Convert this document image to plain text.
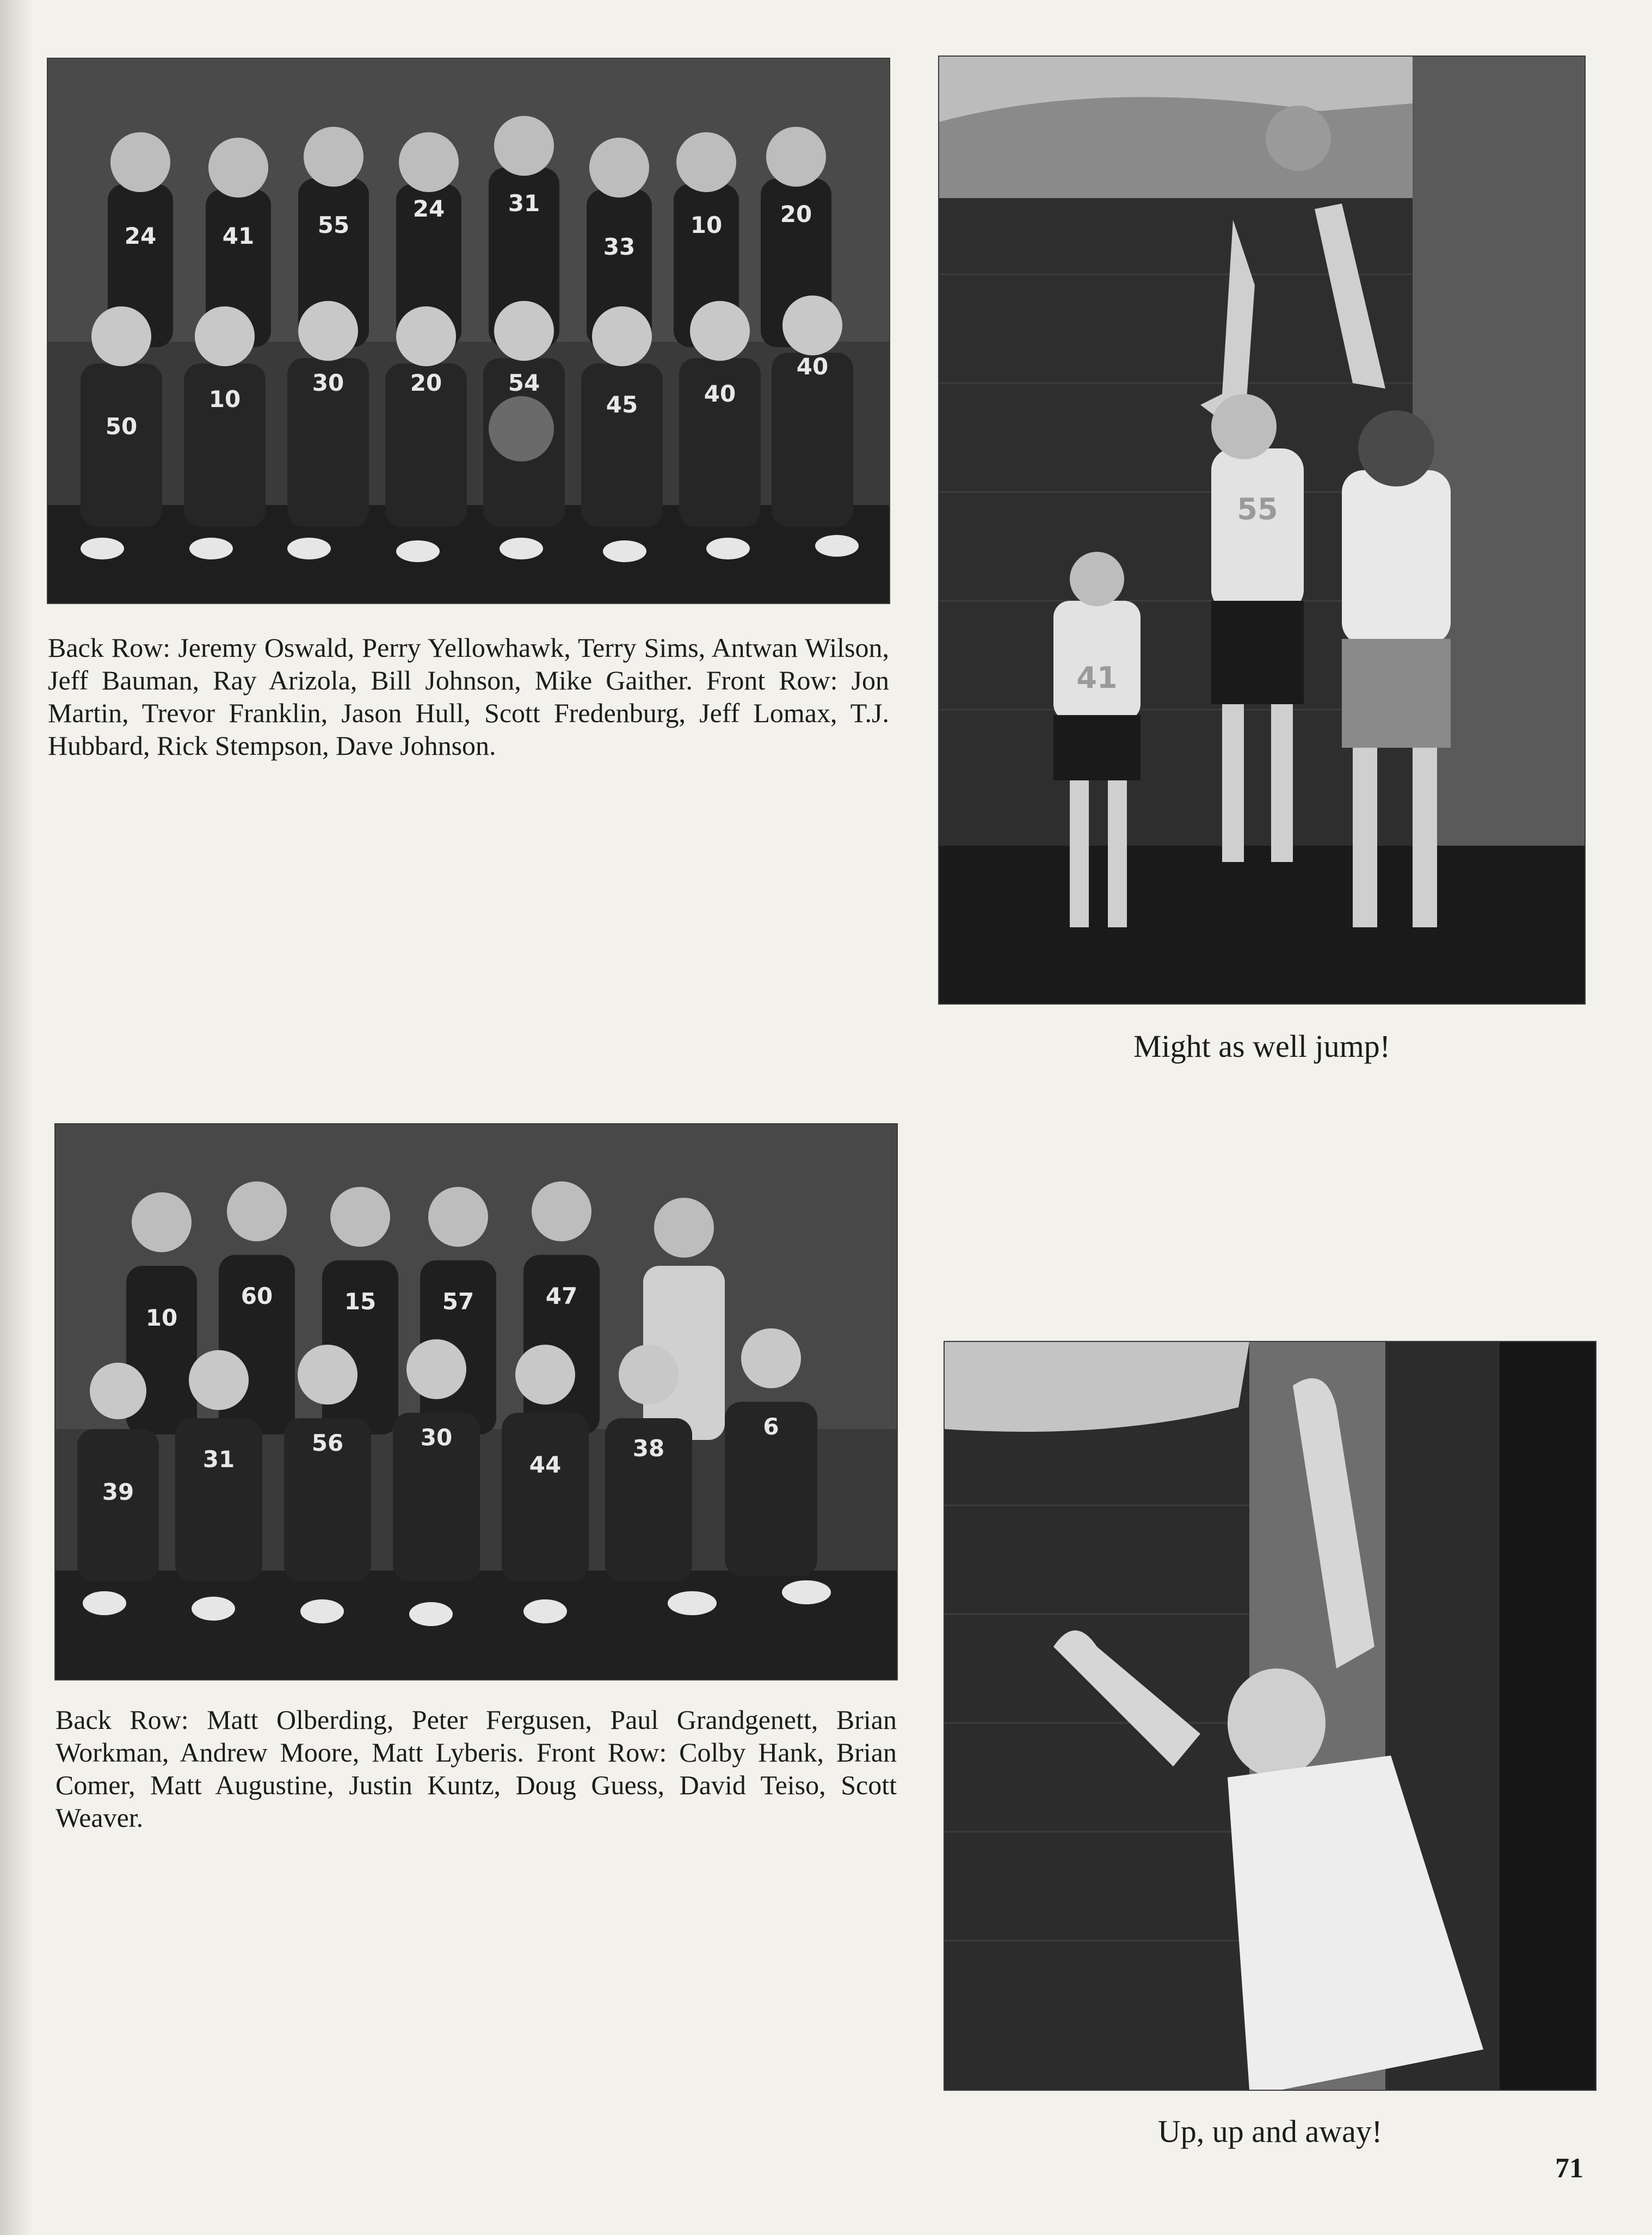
24	41	55
24	31
33
10	20
50
10
30	20	54
45	40
40

Back Row: Jeremy Oswald, Perry Yellowhawk, Terry Sims, Antwan Wilson, Jeff Bauman, Ray Arizola, Bill Johnson, Mike Gaither. Front Row: Jon Martin, Trevor Franklin, Jason Hull, Scott Fredenburg, Jeff Lomax, T.J. Hubbard, Rick Stempson, Dave Johnson.

55
41

Might as well jump!

10
60	15	57	47
39
31
56	30
44
38
6

Back Row: Matt Olberding, Peter Fergusen, Paul Grandgenett, Brian Workman, Andrew Moore, Matt Lyberis. Front Row: Colby Hank, Brian Comer, Matt Augustine, Justin Kuntz, Doug Guess, David Teiso, Scott Weaver.

Up, up and away!

71
